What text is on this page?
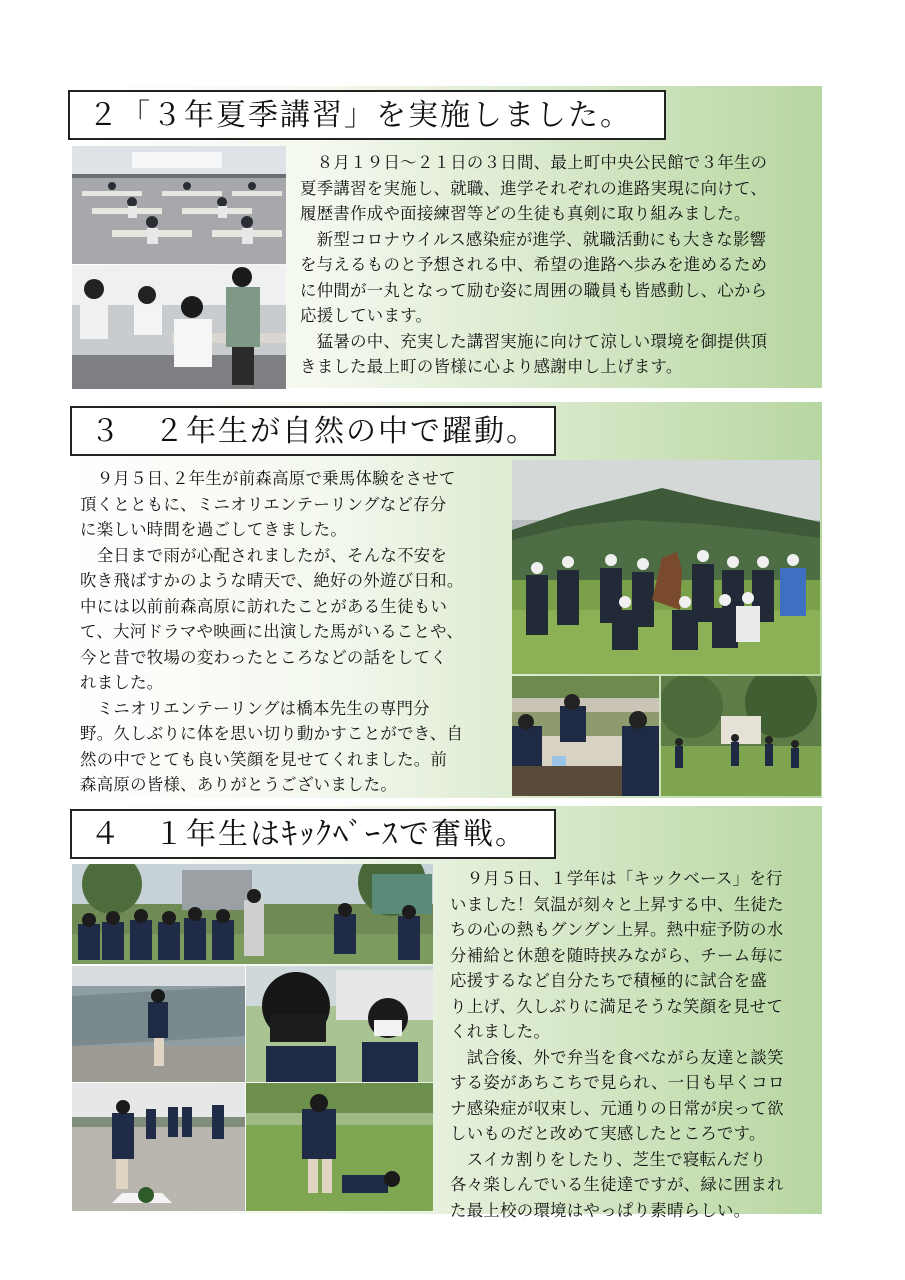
２「３年夏季講習」を実施しました。
　８月１９日～２１日の３日間、最上町中央公民館で３年生の
夏季講習を実施し、就職、進学それぞれの進路実現に向けて、
履歴書作成や面接練習等どの生徒も真剣に取り組みました。
　新型コロナウイルス感染症が進学、就職活動にも大きな影響
を与えるものと予想される中、希望の進路へ歩みを進めるため
に仲間が一丸となって励む姿に周囲の職員も皆感動し、心から
応援しています。
　猛暑の中、充実した講習実施に向けて涼しい環境を御提供頂
きました最上町の皆様に心より感謝申し上げます。
３　２年生が自然の中で躍動。
　９月５日､２年生が前森高原で乗馬体験をさせて
頂くとともに、ミニオリエンテーリングなど存分
に楽しい時間を過ごしてきました。
　全日まで雨が心配されましたが、そんな不安を
吹き飛ばすかのような晴天で、絶好の外遊び日和。
中には以前前森高原に訪れたことがある生徒もい
て、大河ドラマや映画に出演した馬がいることや、
今と昔で牧場の変わったところなどの話をしてく
れました。
　ミニオリエンテーリングは橋本先生の専門分
野。久しぶりに体を思い切り動かすことができ、自
然の中でとても良い笑顔を見せてくれました。前
森高原の皆様、ありがとうございました。
４　１年生はｷｯｸﾍﾞｰｽで奮戦。
　９月５日、１学年は「キックベース」を行
いました！気温が刻々と上昇する中、生徒た
ちの心の熱もグングン上昇。熱中症予防の水
分補給と休憩を随時挟みながら、チーム毎に
応援するなど自分たちで積極的に試合を盛
り上げ、久しぶりに満足そうな笑顔を見せて
くれました。
　試合後、外で弁当を食べながら友達と談笑
する姿があちこちで見られ、一日も早くコロ
ナ感染症が収束し、元通りの日常が戻って欲
しいものだと改めて実感したところです。
　スイカ割りをしたり、芝生で寝転んだり
各々楽しんでいる生徒達ですが、緑に囲まれ
た最上校の環境はやっぱり素晴らしい。
